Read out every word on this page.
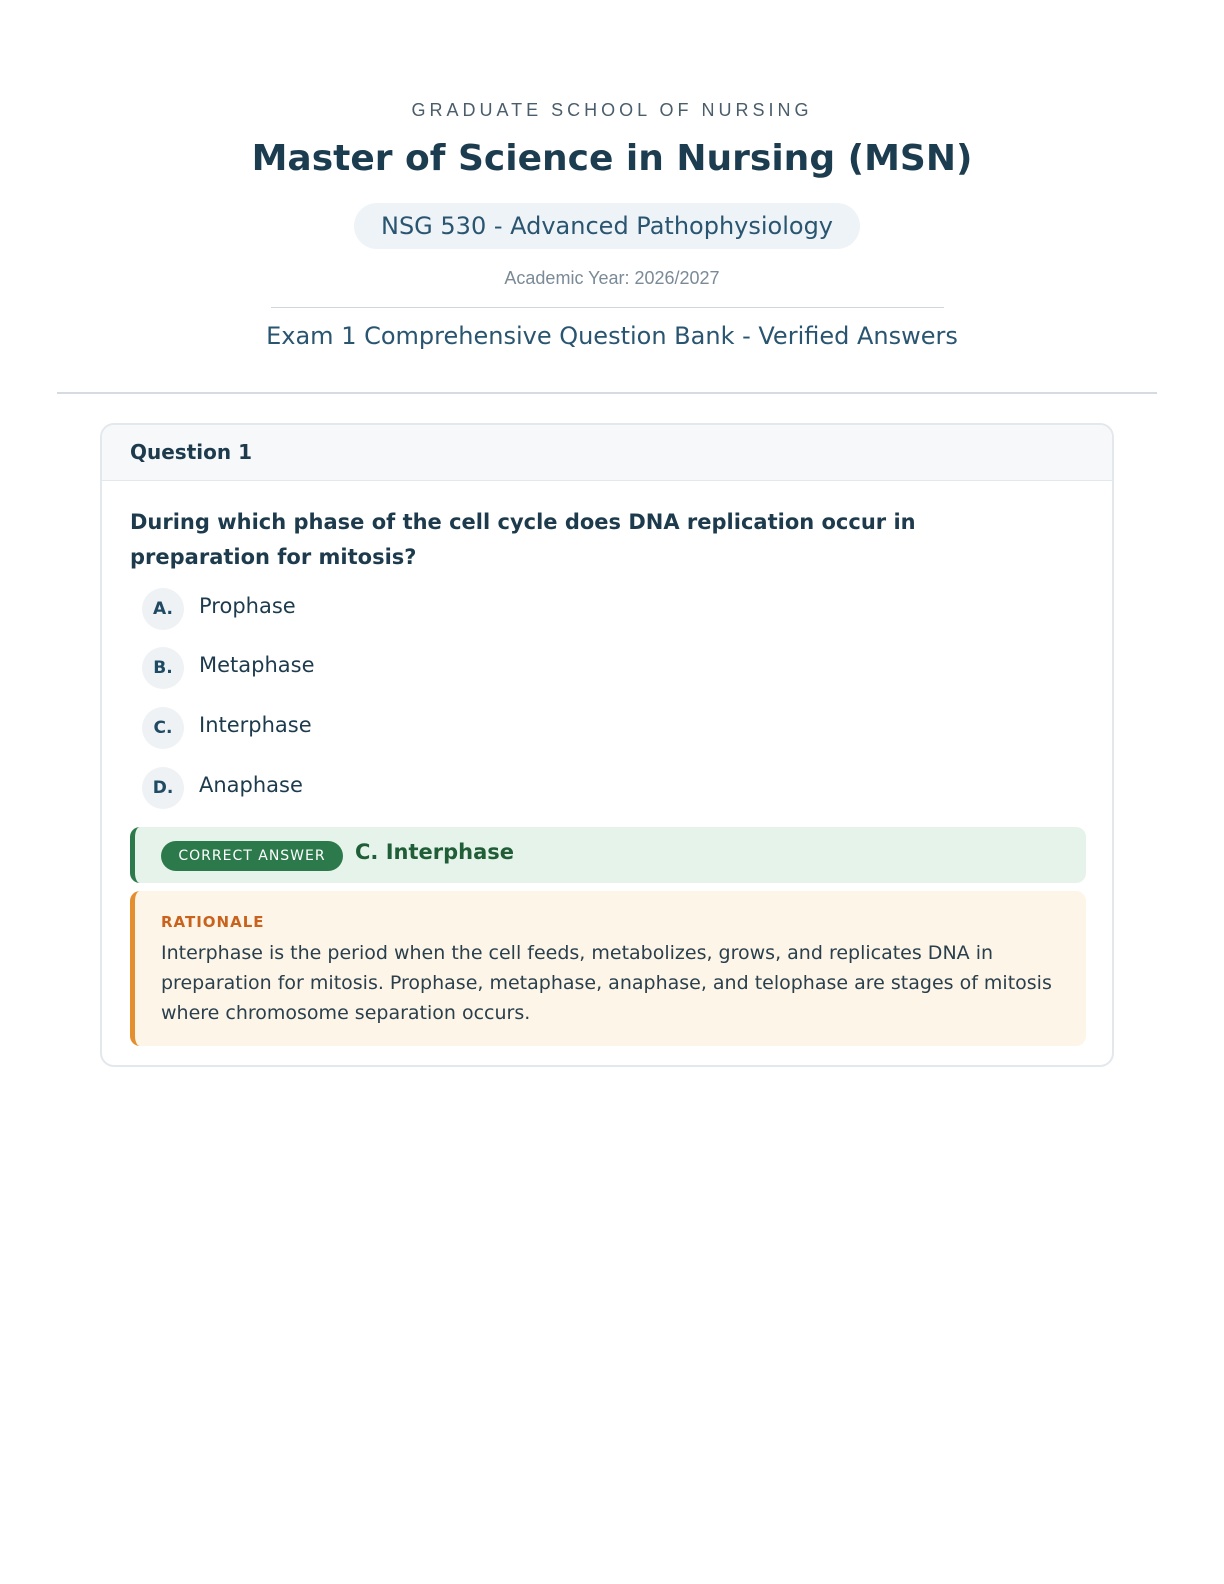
GRADUATE SCHOOL OF NURSING
Master of Science in Nursing (MSN)
NSG 530 - Advanced Pathophysiology
Academic Year: 2026/2027
Exam 1 Comprehensive Question Bank - Verified Answers
Question 1
During which phase of the cell cycle does DNA replication occur in preparation for mitosis?
A.	Prophase
B.	Metaphase
C.	Interphase
D.	Anaphase
CORRECT ANSWER	C. Interphase
RATIONALE
Interphase is the period when the cell feeds, metabolizes, grows, and replicates DNA in preparation for mitosis. Prophase, metaphase, anaphase, and telophase are stages of mitosis where chromosome separation occurs.
